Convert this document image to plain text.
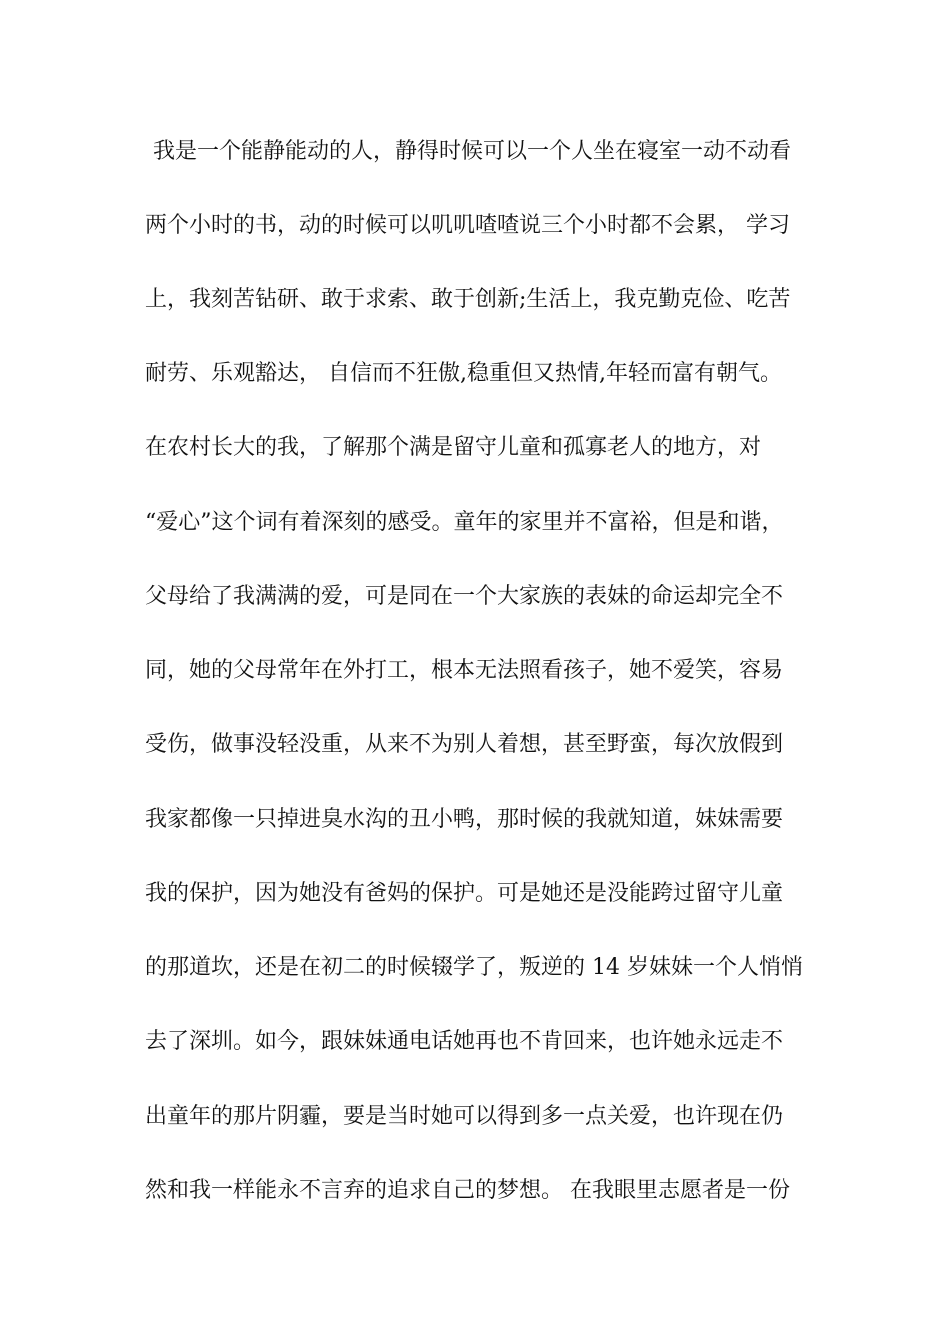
我是一个能静能动的人，静得时候可以一个人坐在寝室一动不动看
两个小时的书，动的时候可以叽叽喳喳说三个小时都不会累， 学习
上，我刻苦钻研、敢于求索、敢于创新;生活上，我克勤克俭、吃苦
耐劳、乐观豁达， 自信而不狂傲,稳重但又热情,年轻而富有朝气。
在农村长大的我，了解那个满是留守儿童和孤寡老人的地方，对
“爱心”这个词有着深刻的感受。童年的家里并不富裕，但是和谐，
父母给了我满满的爱，可是同在一个大家族的表妹的命运却完全不
同，她的父母常年在外打工，根本无法照看孩子，她不爱笑，容易
受伤，做事没轻没重，从来不为别人着想，甚至野蛮，每次放假到
我家都像一只掉进臭水沟的丑小鸭，那时候的我就知道，妹妹需要
我的保护，因为她没有爸妈的保护。可是她还是没能跨过留守儿童
的那道坎，还是在初二的时候辍学了，叛逆的 14 岁妹妹一个人悄悄
去了深圳。如今，跟妹妹通电话她再也不肯回来，也许她永远走不
出童年的那片阴霾，要是当时她可以得到多一点关爱，也许现在仍
然和我一样能永不言弃的追求自己的梦想。 在我眼里志愿者是一份
